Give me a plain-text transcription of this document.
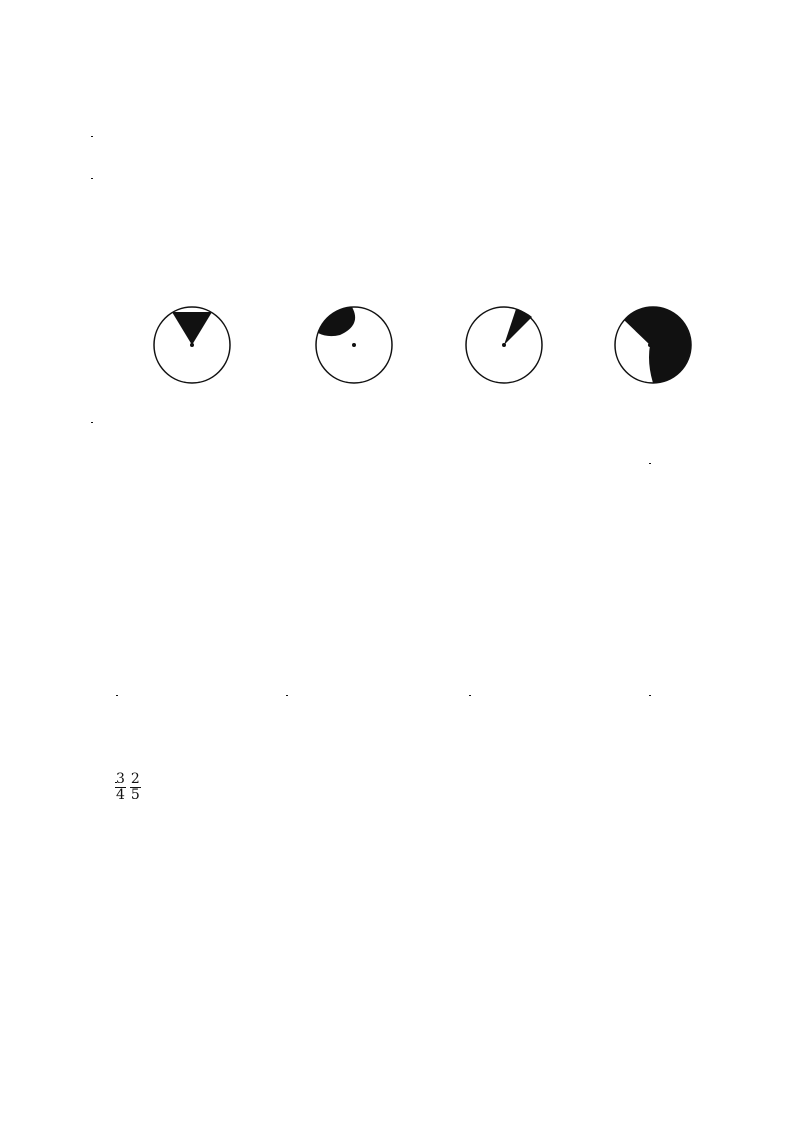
$\frac{3}{4} \frac{2}{5}$
